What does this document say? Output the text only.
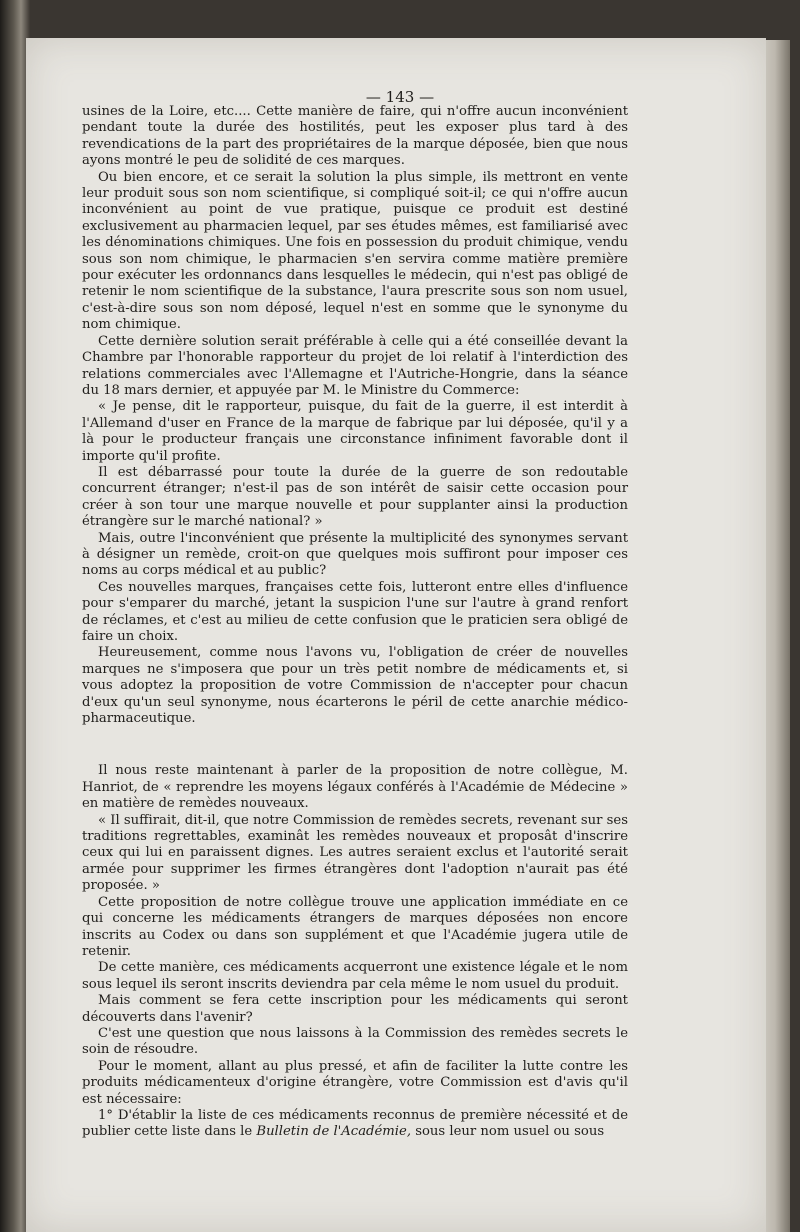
— 143 —

usines de la Loire, etc.... Cette manière de faire, qui n'offre aucun inconvénient pendant toute la durée des hostilités, peut les exposer plus tard à des revendications de la part des propriétaires de la marque déposée, bien que nous ayons montré le peu de solidité de ces marques.

Ou bien encore, et ce serait la solution la plus simple, ils mettront en vente leur produit sous son nom scientifique, si compliqué soit-il; ce qui n'offre aucun inconvénient au point de vue pratique, puisque ce produit est destiné exclusivement au pharmacien lequel, par ses études mêmes, est familiarisé avec les dénominations chimiques. Une fois en possession du produit chimique, vendu sous son nom chimique, le pharmacien s'en servira comme matière première pour exécuter les ordonnancs dans lesquelles le médecin, qui n'est pas obligé de retenir le nom scientifique de la substance, l'aura prescrite sous son nom usuel, c'est-à-dire sous son nom déposé, lequel n'est en somme que le synonyme du nom chimique.

Cette dernière solution serait préférable à celle qui a été conseillée devant la Chambre par l'honorable rapporteur du projet de loi relatif à l'interdiction des relations commerciales avec l'Allemagne et l'Autriche-Hongrie, dans la séance du 18 mars dernier, et appuyée par M. le Ministre du Commerce:

« Je pense, dit le rapporteur, puisque, du fait de la guerre, il est interdit à l'Allemand d'user en France de la marque de fabrique par lui déposée, qu'il y a là pour le producteur français une circonstance infiniment favorable dont il importe qu'il profite.

Il est débarrassé pour toute la durée de la guerre de son redoutable concurrent étranger; n'est-il pas de son intérêt de saisir cette occasion pour créer à son tour une marque nouvelle et pour supplanter ainsi la production étrangère sur le marché national? »

Mais, outre l'inconvénient que présente la multiplicité des synonymes servant à désigner un remède, croit-on que quelques mois suffiront pour imposer ces noms au corps médical et au public?

Ces nouvelles marques, françaises cette fois, lutteront entre elles d'influence pour s'emparer du marché, jetant la suspicion l'une sur l'autre à grand renfort de réclames, et c'est au milieu de cette confusion que le praticien sera obligé de faire un choix.

Heureusement, comme nous l'avons vu, l'obligation de créer de nouvelles marques ne s'imposera que pour un très petit nombre de médicaments et, si vous adoptez la proposition de votre Commission de n'accepter pour chacun d'eux qu'un seul synonyme, nous écarterons le péril de cette anarchie médico-pharmaceutique.

Il nous reste maintenant à parler de la proposition de notre collègue, M. Hanriot, de « reprendre les moyens légaux conférés à l'Académie de Médecine » en matière de remèdes nouveaux.

« Il suffirait, dit-il, que notre Commission de remèdes secrets, revenant sur ses traditions regrettables, examinât les remèdes nouveaux et proposât d'inscrire ceux qui lui en paraissent dignes. Les autres seraient exclus et l'autorité serait armée pour supprimer les firmes étrangères dont l'adoption n'aurait pas été proposée. »

Cette proposition de notre collègue trouve une application immédiate en ce qui concerne les médicaments étrangers de marques déposées non encore inscrits au Codex ou dans son supplément et que l'Académie jugera utile de retenir.

De cette manière, ces médicaments acquerront une existence légale et le nom sous lequel ils seront inscrits deviendra par cela même le nom usuel du produit.

Mais comment se fera cette inscription pour les médicaments qui seront découverts dans l'avenir?

C'est une question que nous laissons à la Commission des remèdes secrets le soin de résoudre.

Pour le moment, allant au plus pressé, et afin de faciliter la lutte contre les produits médicamenteux d'origine étrangère, votre Commission est d'avis qu'il est nécessaire:

1° D'établir la liste de ces médicaments reconnus de première nécessité et de publier cette liste dans le Bulletin de l'Académie, sous leur nom usuel ou sous
